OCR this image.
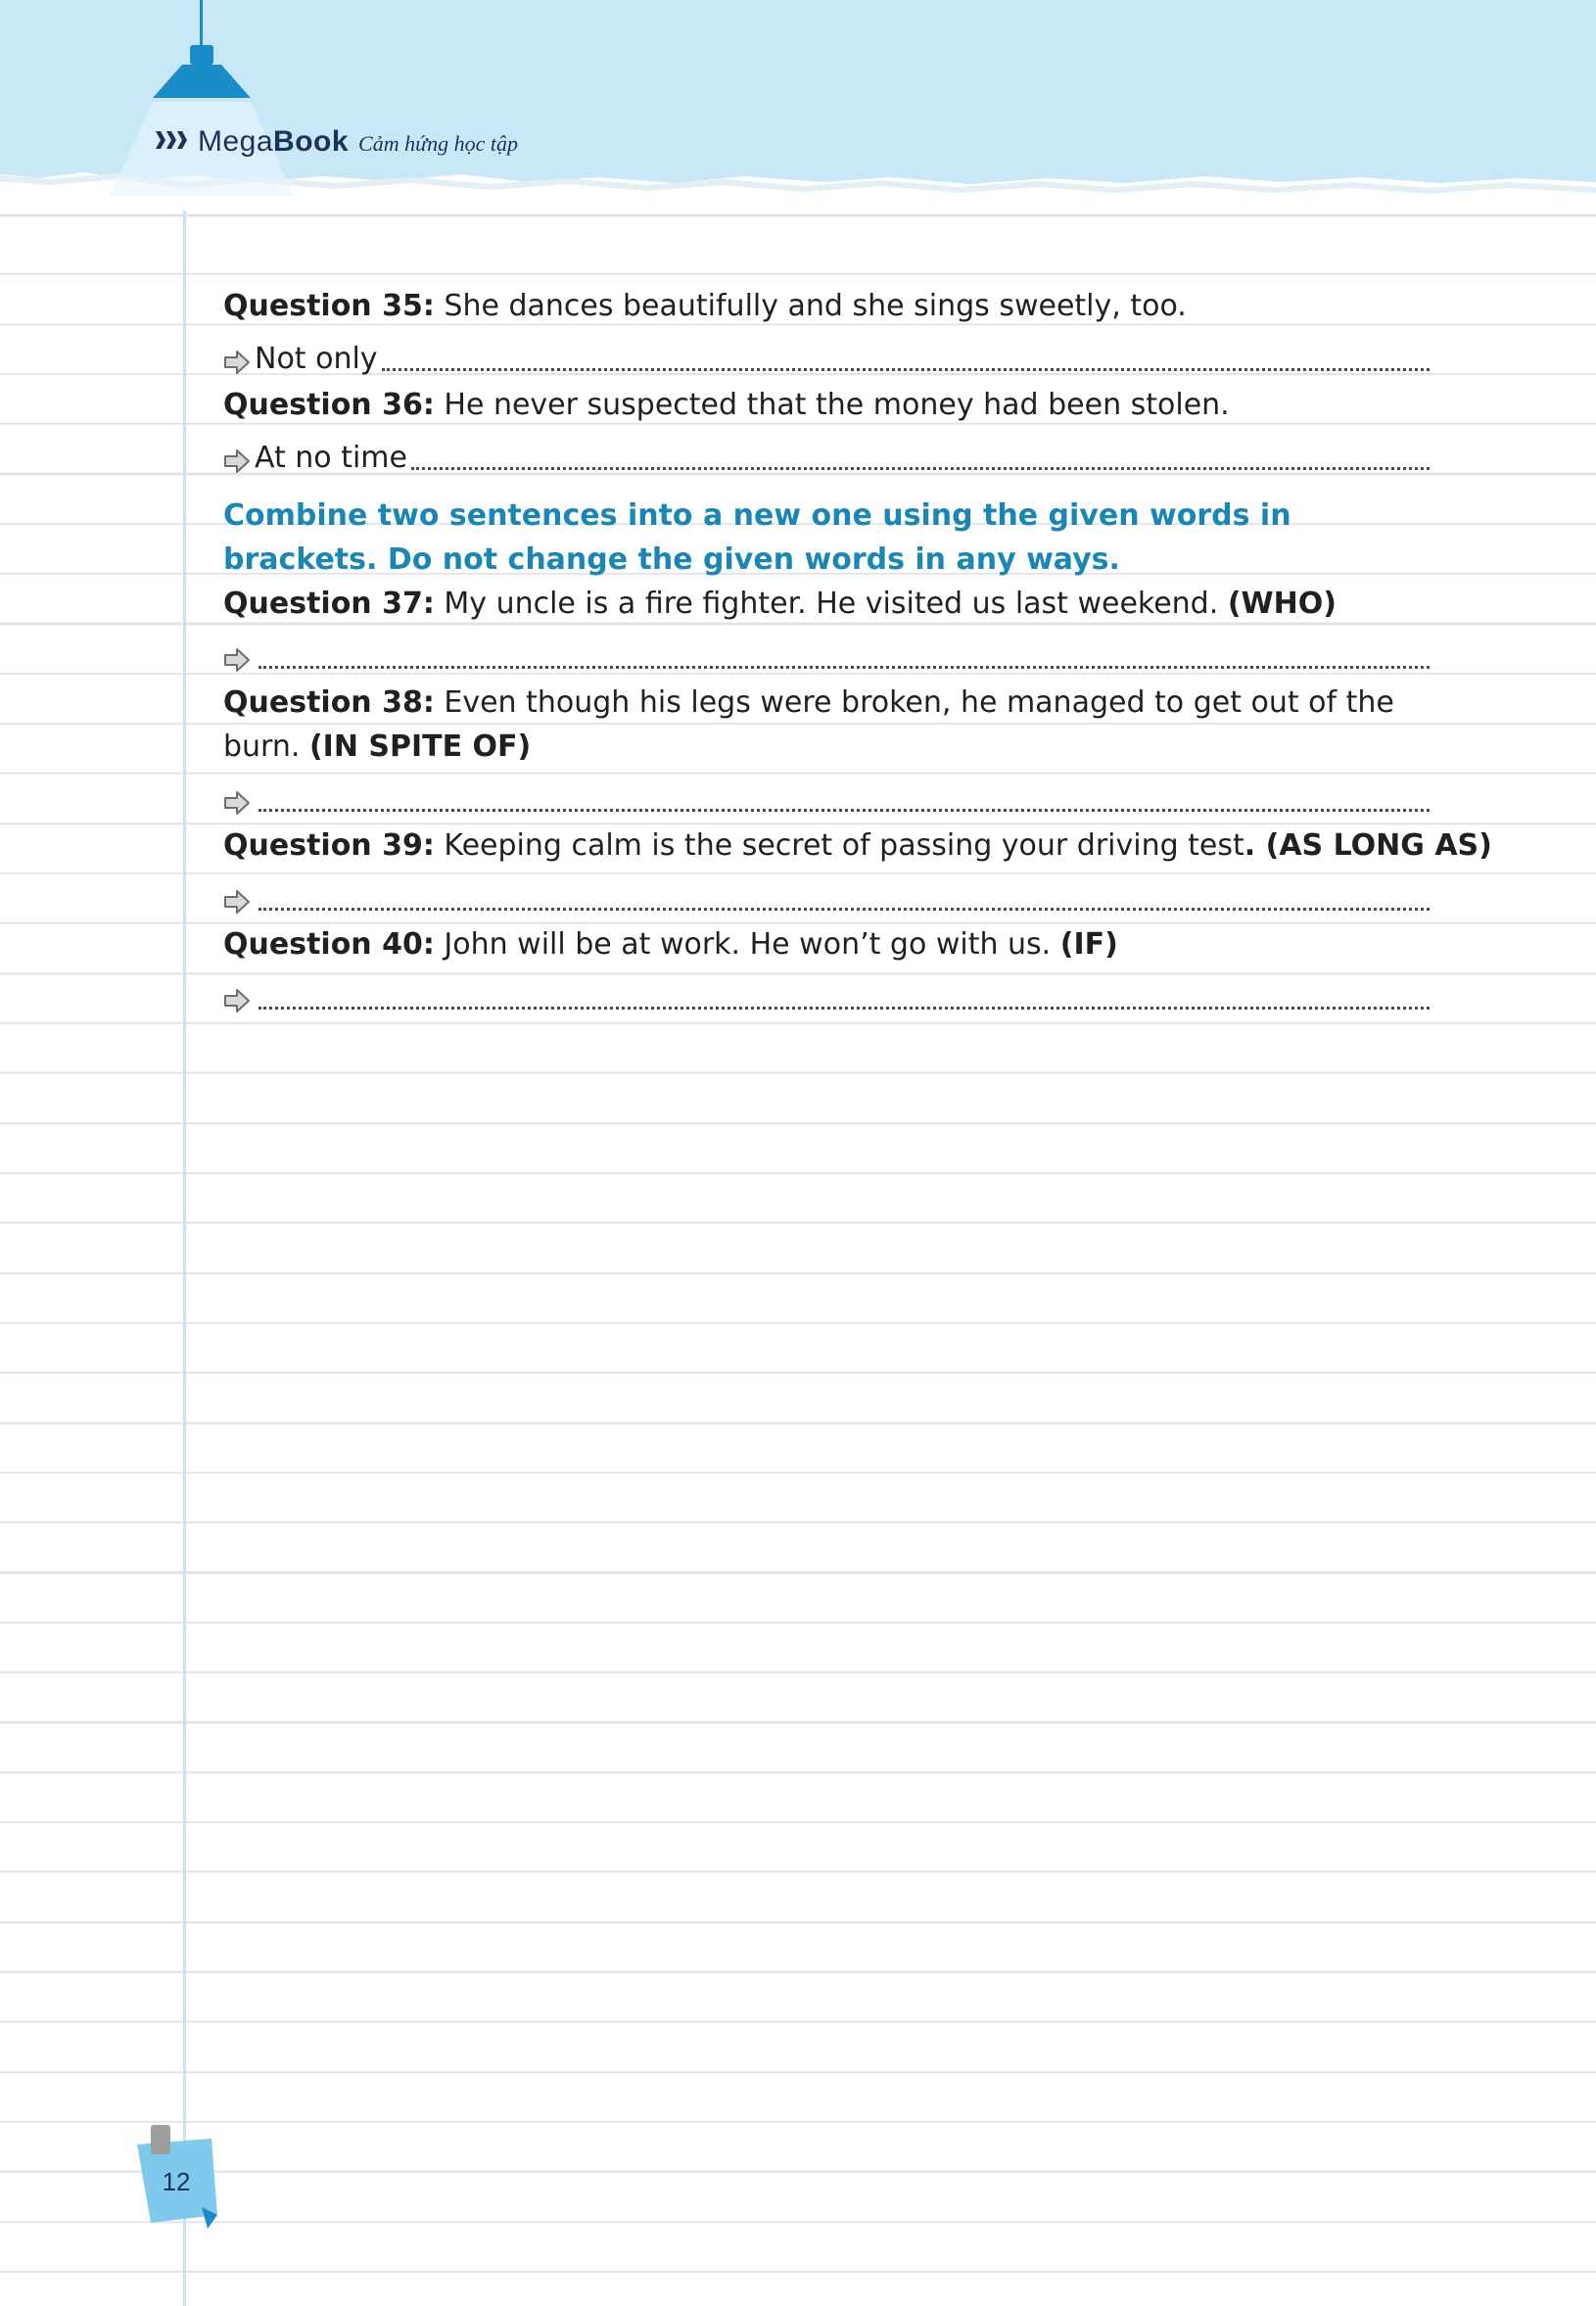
MegaBook Cảm hứng học tập

Question 35: She dances beautifully and she sings sweetly, too.

Not only

Question 36: He never suspected that the money had been stolen.

At no time

Combine two sentences into a new one using the given words in brackets. Do not change the given words in any ways.

Question 37: My uncle is a fire fighter. He visited us last weekend. (WHO)

Question 38: Even though his legs were broken, he managed to get out of the burn. (IN SPITE OF)

Question 39: Keeping calm is the secret of passing your driving test. (AS LONG AS)

Question 40: John will be at work. He won’t go with us. (IF)

12
